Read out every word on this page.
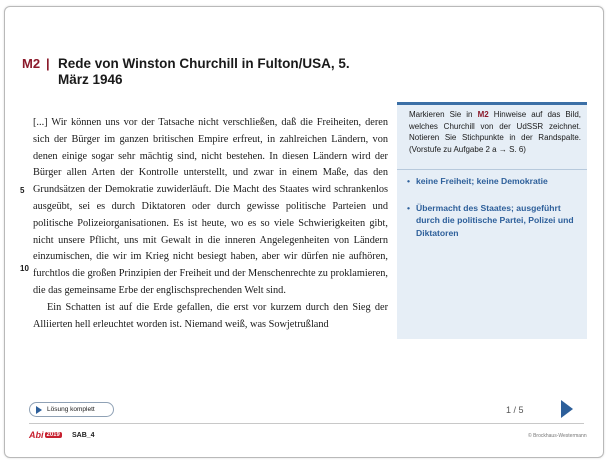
M2 | Rede von Winston Churchill in Fulton/USA, 5. März 1946

[...] Wir können uns vor der Tatsache nicht verschließen, daß die Freiheiten, deren sich der Bürger im ganzen britischen Empire erfreut, in zahlreichen Ländern, von denen einige sogar sehr mächtig sind, nicht bestehen. In diesen Ländern wird der Bürger allen Arten der Kontrolle unterstellt, und zwar in einem Maße, das den Grundsätzen der Demokratie zuwiderläuft. Die Macht des Staates wird schrankenlos ausgeübt, sei es durch Diktatoren oder durch gewisse politische Parteien und politische Polizeiorganisationen. Es ist heute, wo es so viele Schwierigkeiten gibt, nicht unsere Pflicht, uns mit Gewalt in die inneren Angelegenheiten von Ländern einzumischen, die wir im Krieg nicht besiegt haben, aber wir dürfen nie aufhören, furchtlos die großen Prinzipien der Freiheit und der Menschenrechte zu proklamieren, die das gemeinsame Erbe der englischsprechenden Welt sind.

Ein Schatten ist auf die Erde gefallen, die erst vor kurzem durch den Sieg der Alliierten hell erleuchtet worden ist. Niemand weiß, was Sowjetrußland

5
10
Markieren Sie in M2 Hinweise auf das Bild, welches Churchill von der UdSSR zeichnet. Notieren Sie Stichpunkte in der Randspalte. (Vorstufe zu Aufgabe 2 a → S. 6)
• keine Freiheit; keine Demokratie
• Übermacht des Staates; ausgeführt durch die politische Partei, Polizei und Diktatoren
Lösung komplett	1 / 5
Abi 2019 SAB_4	© Brockhaus-Westermann
